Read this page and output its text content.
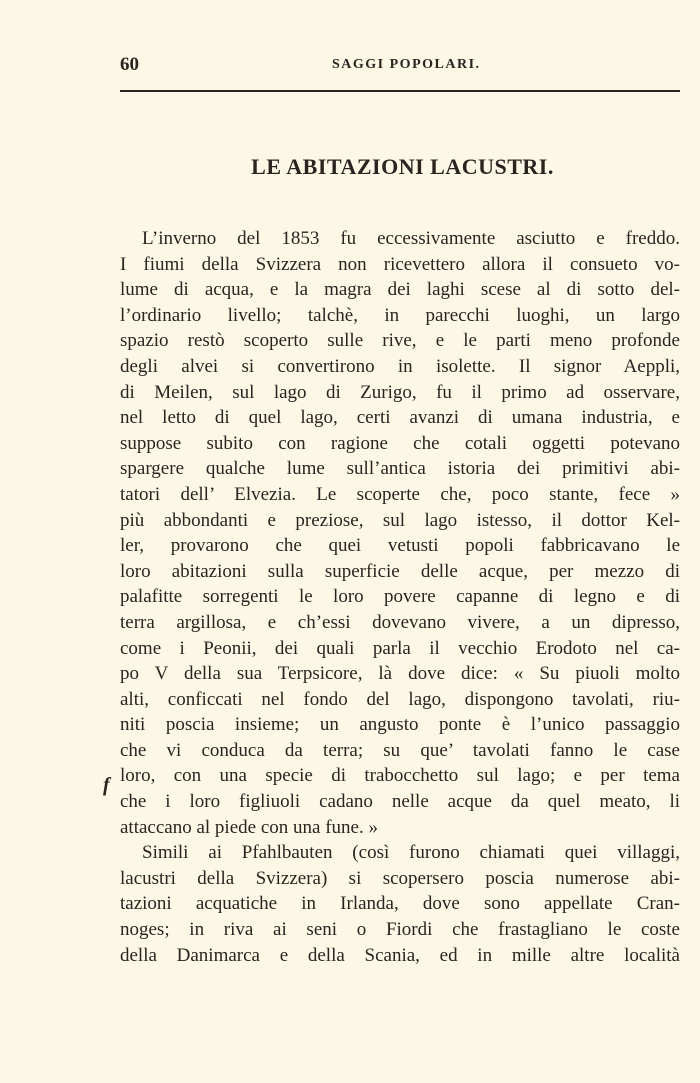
60	SAGGI POPOLARI.
LE ABITAZIONI LACUSTRI.
f
L’inverno del 1853 fu eccessivamente asciutto e freddo.
I fiumi della Svizzera non ricevettero allora il consueto vo-
lume di acqua, e la magra dei laghi scese al di sotto del-
l’ordinario livello; talchè, in parecchi luoghi, un largo
spazio restò scoperto sulle rive, e le parti meno profonde
degli alvei si convertirono in isolette. Il signor Aeppli,
di Meilen, sul lago di Zurigo, fu il primo ad osservare,
nel letto di quel lago, certi avanzi di umana industria, e
suppose subito con ragione che cotali oggetti potevano
spargere qualche lume sull’antica istoria dei primitivi abi-
tatori dell’ Elvezia. Le scoperte che, poco stante, fece »
più abbondanti e preziose, sul lago istesso, il dottor Kel-
ler, provarono che quei vetusti popoli fabbricavano le
loro abitazioni sulla superficie delle acque, per mezzo di
palafitte sorregenti le loro povere capanne di legno e di
terra argillosa, e ch’essi dovevano vivere, a un dipresso,
come i Peonii, dei quali parla il vecchio Erodoto nel ca-
po V della sua Terpsicore, là dove dice: « Su piuoli molto
alti, conficcati nel fondo del lago, dispongono tavolati, riu-
niti poscia insieme; un angusto ponte è l’unico passaggio
che vi conduca da terra; su que’ tavolati fanno le case
loro, con una specie di trabocchetto sul lago; e per tema
che i loro figliuoli cadano nelle acque da quel meato, li
attaccano al piede con una fune. »
Simili ai Pfahlbauten (così furono chiamati quei villaggi,
lacustri della Svizzera) si scopersero poscia numerose abi-
tazioni acquatiche in Irlanda, dove sono appellate Cran-
noges; in riva ai seni o Fiordi che frastagliano le coste
della Danimarca e della Scania, ed in mille altre località
